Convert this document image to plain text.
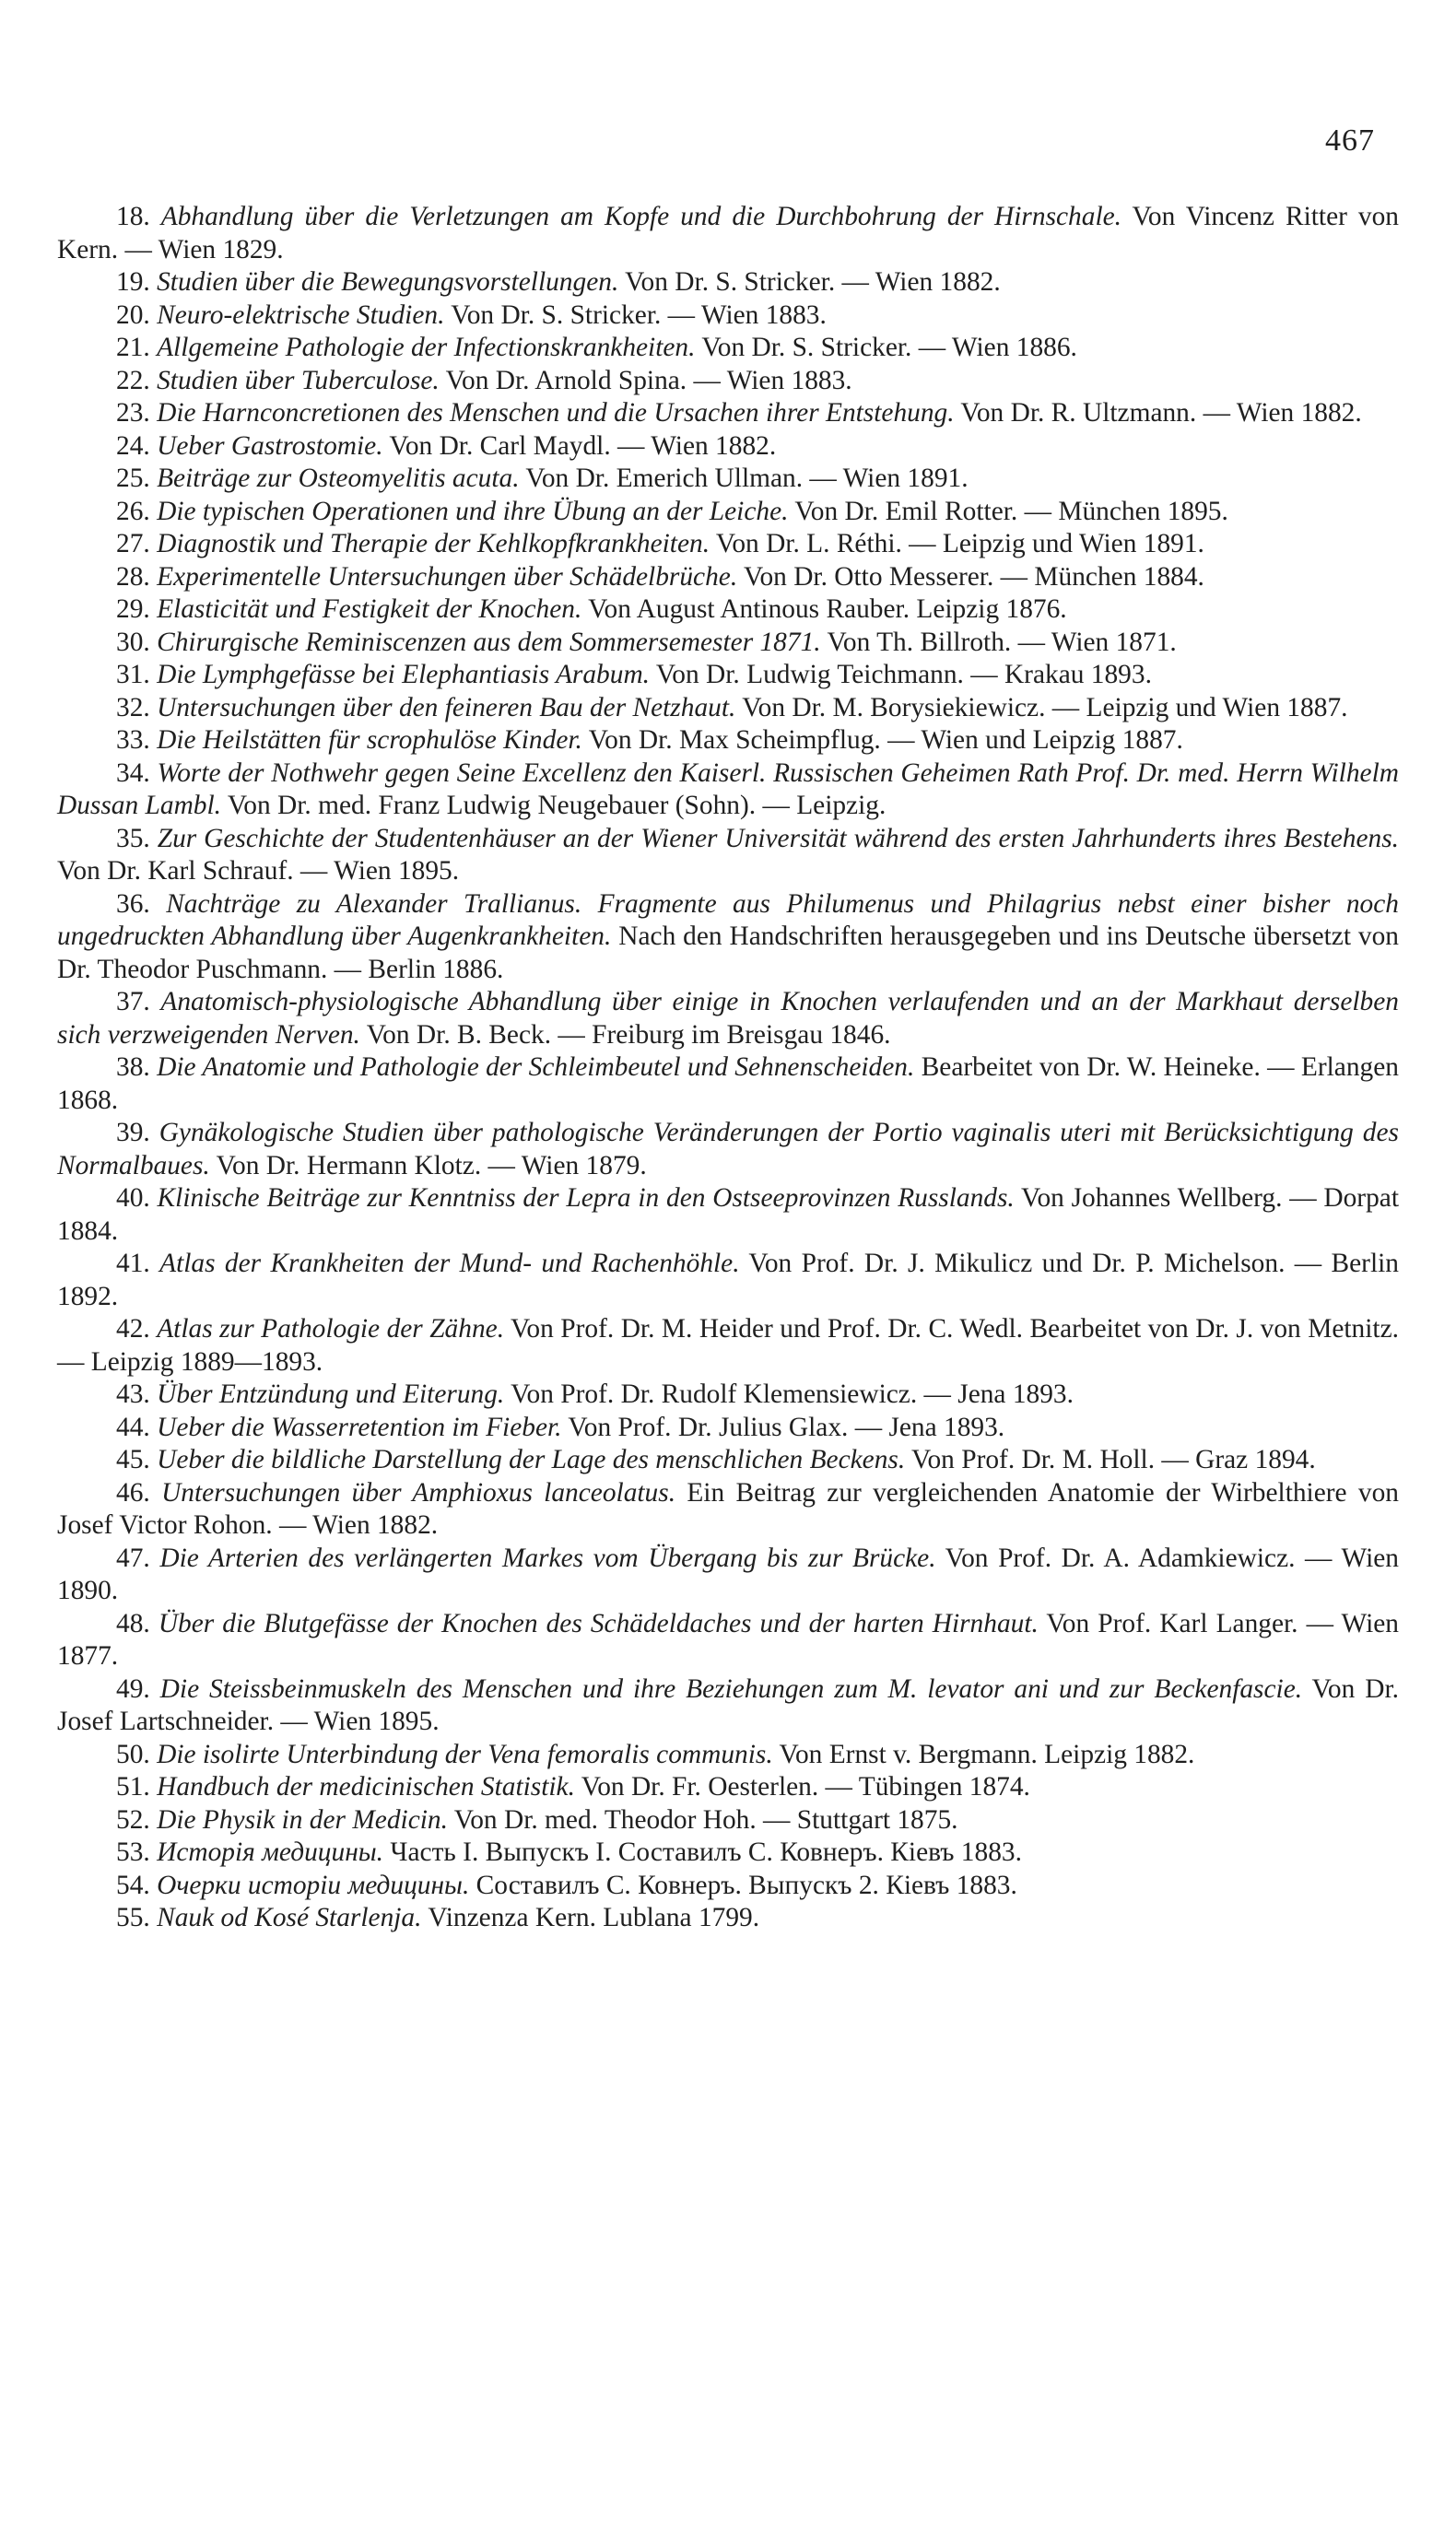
467

18. Abhandlung über die Verletzungen am Kopfe und die Durchbohrung der Hirnschale. Von Vincenz Ritter von Kern. — Wien 1829.

19. Studien über die Bewegungsvorstellungen. Von Dr. S. Stricker. — Wien 1882.

20. Neuro-elektrische Studien. Von Dr. S. Stricker. — Wien 1883.

21. Allgemeine Pathologie der Infectionskrankheiten. Von Dr. S. Stricker. — Wien 1886.

22. Studien über Tuberculose. Von Dr. Arnold Spina. — Wien 1883.

23. Die Harnconcretionen des Menschen und die Ursachen ihrer Entstehung. Von Dr. R. Ultzmann. — Wien 1882.

24. Ueber Gastrostomie. Von Dr. Carl Maydl. — Wien 1882.

25. Beiträge zur Osteomyelitis acuta. Von Dr. Emerich Ullman. — Wien 1891.

26. Die typischen Operationen und ihre Übung an der Leiche. Von Dr. Emil Rotter. — München 1895.

27. Diagnostik und Therapie der Kehlkopfkrankheiten. Von Dr. L. Réthi. — Leipzig und Wien 1891.

28. Experimentelle Untersuchungen über Schädelbrüche. Von Dr. Otto Messerer. — München 1884.

29. Elasticität und Festigkeit der Knochen. Von August Antinous Rauber. Leipzig 1876.

30. Chirurgische Reminiscenzen aus dem Sommersemester 1871. Von Th. Billroth. — Wien 1871.

31. Die Lymphgefässe bei Elephantiasis Arabum. Von Dr. Ludwig Teichmann. — Krakau 1893.

32. Untersuchungen über den feineren Bau der Netzhaut. Von Dr. M. Borysiekiewicz. — Leipzig und Wien 1887.

33. Die Heilstätten für scrophulöse Kinder. Von Dr. Max Scheimpflug. — Wien und Leipzig 1887.

34. Worte der Nothwehr gegen Seine Excellenz den Kaiserl. Russischen Geheimen Rath Prof. Dr. med. Herrn Wilhelm Dussan Lambl. Von Dr. med. Franz Ludwig Neugebauer (Sohn). — Leipzig.

35. Zur Geschichte der Studentenhäuser an der Wiener Universität während des ersten Jahrhunderts ihres Bestehens. Von Dr. Karl Schrauf. — Wien 1895.

36. Nachträge zu Alexander Trallianus. Fragmente aus Philumenus und Philagrius nebst einer bisher noch ungedruckten Abhandlung über Augenkrankheiten. Nach den Handschriften herausgegeben und ins Deutsche übersetzt von Dr. Theodor Puschmann. — Berlin 1886.

37. Anatomisch-physiologische Abhandlung über einige in Knochen verlaufenden und an der Markhaut derselben sich verzweigenden Nerven. Von Dr. B. Beck. — Freiburg im Breisgau 1846.

38. Die Anatomie und Pathologie der Schleimbeutel und Sehnenscheiden. Bearbeitet von Dr. W. Heineke. — Erlangen 1868.

39. Gynäkologische Studien über pathologische Veränderungen der Portio vaginalis uteri mit Berücksichtigung des Normalbaues. Von Dr. Hermann Klotz. — Wien 1879.

40. Klinische Beiträge zur Kenntniss der Lepra in den Ostseeprovinzen Russlands. Von Johannes Wellberg. — Dorpat 1884.

41. Atlas der Krankheiten der Mund- und Rachenhöhle. Von Prof. Dr. J. Mikulicz und Dr. P. Michelson. — Berlin 1892.

42. Atlas zur Pathologie der Zähne. Von Prof. Dr. M. Heider und Prof. Dr. C. Wedl. Bearbeitet von Dr. J. von Metnitz. — Leipzig 1889—1893.

43. Über Entzündung und Eiterung. Von Prof. Dr. Rudolf Klemensiewicz. — Jena 1893.

44. Ueber die Wasserretention im Fieber. Von Prof. Dr. Julius Glax. — Jena 1893.

45. Ueber die bildliche Darstellung der Lage des menschlichen Beckens. Von Prof. Dr. M. Holl. — Graz 1894.

46. Untersuchungen über Amphioxus lanceolatus. Ein Beitrag zur vergleichenden Anatomie der Wirbelthiere von Josef Victor Rohon. — Wien 1882.

47. Die Arterien des verlängerten Markes vom Übergang bis zur Brücke. Von Prof. Dr. A. Adamkiewicz. — Wien 1890.

48. Über die Blutgefässe der Knochen des Schädeldaches und der harten Hirnhaut. Von Prof. Karl Langer. — Wien 1877.

49. Die Steissbeinmuskeln des Menschen und ihre Beziehungen zum M. levator ani und zur Beckenfascie. Von Dr. Josef Lartschneider. — Wien 1895.

50. Die isolirte Unterbindung der Vena femoralis communis. Von Ernst v. Bergmann. Leipzig 1882.

51. Handbuch der medicinischen Statistik. Von Dr. Fr. Oesterlen. — Tübingen 1874.

52. Die Physik in der Medicin. Von Dr. med. Theodor Hoh. — Stuttgart 1875.

53. Исторія медицины. Часть I. Выпускъ I. Составилъ С. Ковнеръ. Кіевъ 1883.

54. Очерки исторіи медицины. Составилъ С. Ковнеръ. Выпускъ 2. Кіевъ 1883.

55. Nauk od Kosé Starlenja. Vinzenza Kern. Lublana 1799.
